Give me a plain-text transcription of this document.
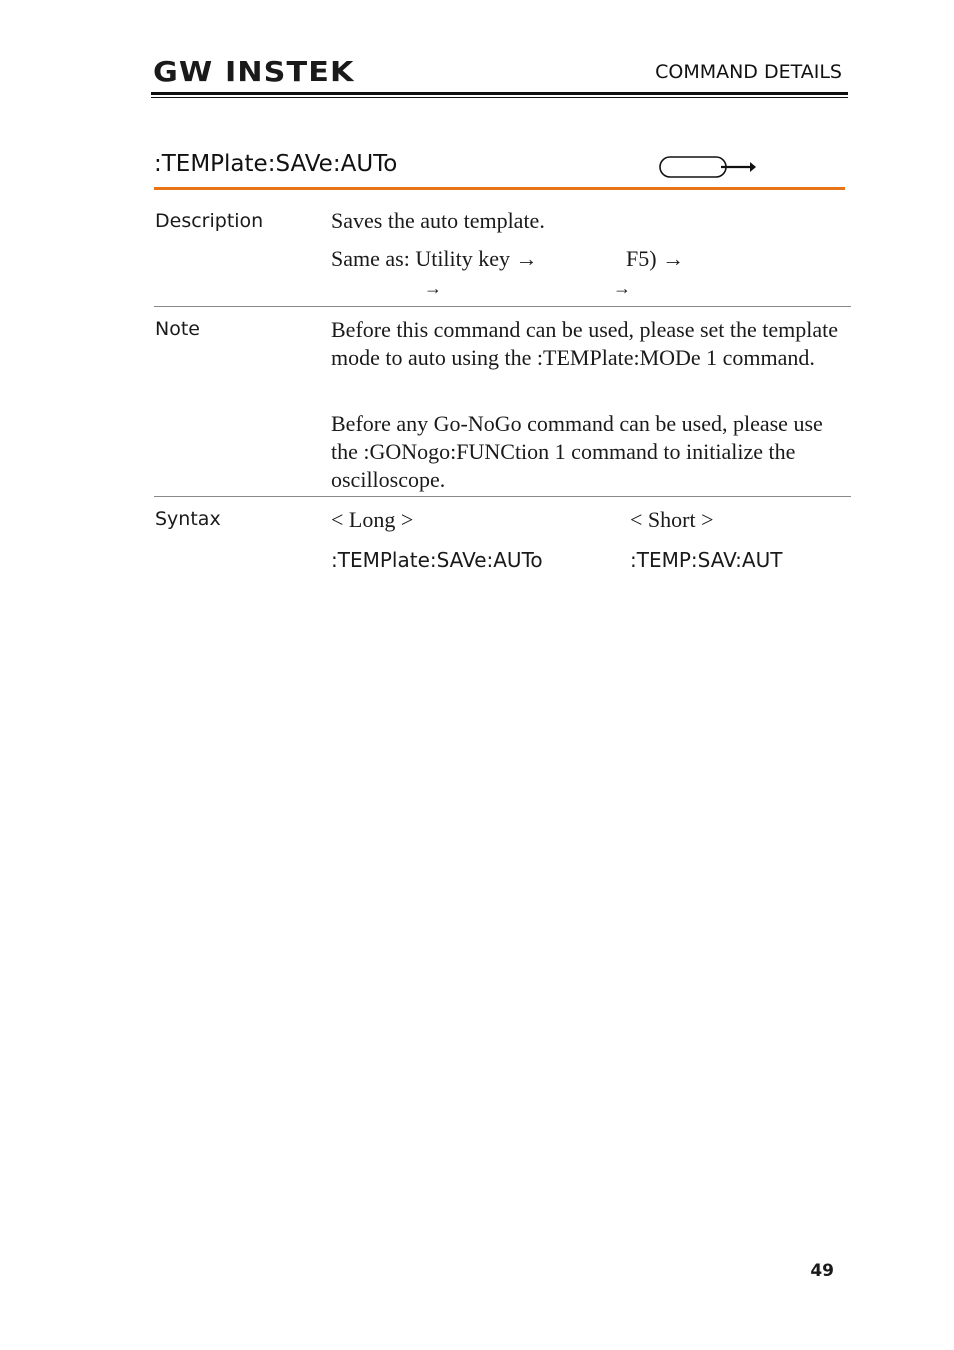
GW INSTEK	COMMAND DETAILS
:TEMPlate:SAVe:AUTo
Description	Saves the auto template.
Same as: Utility key →	F5) →
→	→
Note	Before this command can be used, please set the template mode to auto using the :TEMPlate:MODe 1 command.

Before any Go-NoGo command can be used, please use the :GONogo:FUNCtion 1 command to initialize the oscilloscope.

Syntax	< Long >	< Short >
:TEMPlate:SAVe:AUTo	:TEMP:SAV:AUT
49
